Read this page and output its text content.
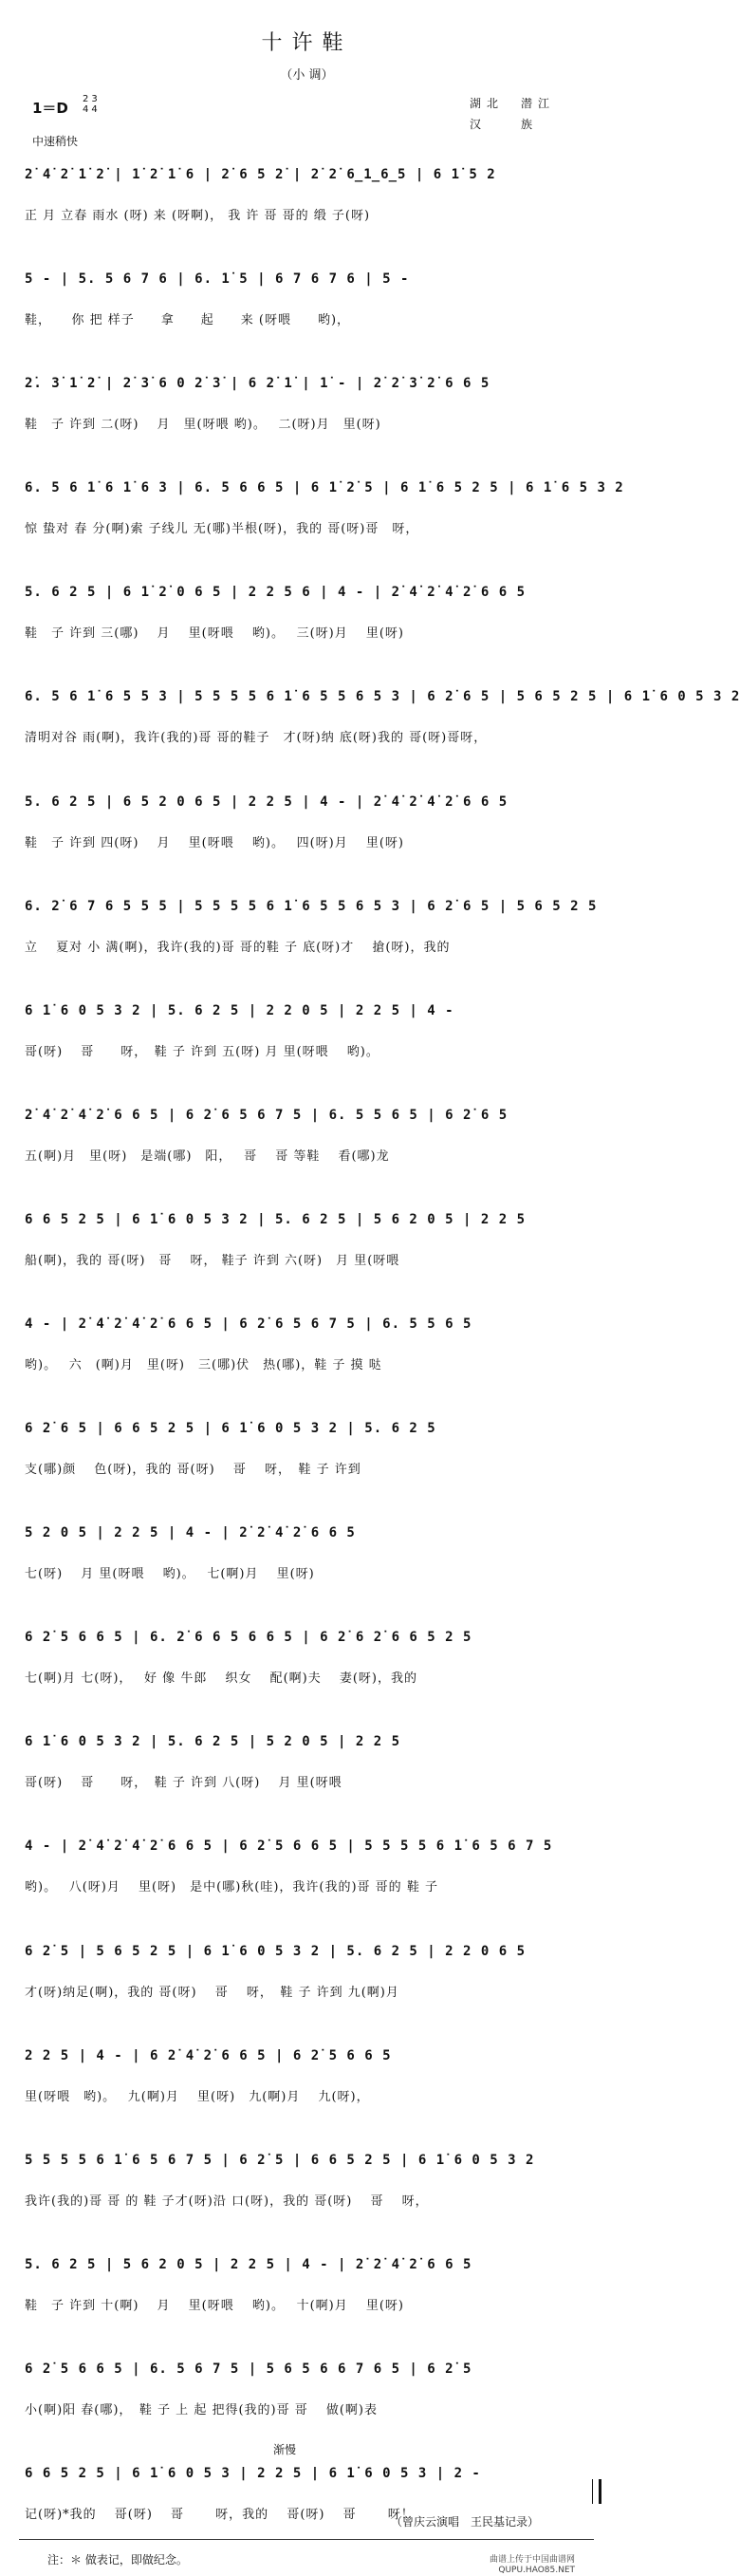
十许鞋
（小 调）
1＝D
2
43
4
中速稍快
湖北　潜江
汉　　族
2̇ 4̇ 2̇ 1̇ 2̇ | 1̇ 2̇ 1̇ 6 | 2̇ 6 5 2̇ | 2̇ 2̇ 6̲1̲6̲5 | 6 1̇ 5 2
正 月 立春 雨水 (呀) 来 (呀啊)， 我 许 哥 哥的 缎 子(呀)
5 - | 5. 5 6 7 6 | 6. 1̇ 5 | 6 7 6 7 6 | 5 -
鞋，　　你 把 样子　　拿　　起　　来 (呀喂　　哟)，
2̇. 3̇ 1̇ 2̇ | 2̇ 3̇ 6 0 2̇ 3̇ | 6 2̇ 1̇ | 1̇ - | 2̇ 2̇ 3̇ 2̇ 6 6 5
鞋　子 许到 二(呀)　 月　里(呀喂 哟)。　 二(呀)月　里(呀)
6. 5 6 1̇ 6 1̇ 6 3 | 6. 5 6 6 5 | 6 1̇ 2̇ 5 | 6 1̇ 6 5 2 5 | 6 1̇ 6 5 3 2
惊 蛰对 春 分(啊)索 子线儿 无(哪)半根(呀)，我的 哥(呀)哥　呀，
5. 6 2 5 | 6 1̇ 2̇ 0 6 5 | 2 2 5 6 | 4 - | 2̇ 4̇ 2̇ 4̇ 2̇ 6 6 5
鞋　子 许到 三(哪)　 月　 里(呀喂　 哟)。　 三(呀)月　 里(呀)
6. 5 6 1̇ 6 5 5 3 | 5 5 5 5 6 1̇ 6 5 5 6 5 3 | 6 2̇ 6 5 | 5 6 5 2 5 | 6 1̇ 6 0 5 3 2
清明对谷 雨(啊)，我许(我的)哥 哥的鞋子　才(呀)纳 底(呀)我的 哥(呀)哥呀，
5. 6 2 5 | 6 5 2 0 6 5 | 2 2 5 | 4 - | 2̇ 4̇ 2̇ 4̇ 2̇ 6 6 5
鞋　子 许到 四(呀)　 月　 里(呀喂　 哟)。　 四(呀)月　 里(呀)
6. 2̇ 6 7 6 5 5 5 | 5 5 5 5 6 1̇ 6 5 5 6 5 3 | 6 2̇ 6 5 | 5 6 5 2 5
立　 夏对 小 满(啊)，我许(我的)哥 哥的鞋 子 底(呀)才　 搶(呀)，我的
6 1̇ 6 0 5 3 2 | 5. 6 2 5 | 2 2 0 5 | 2 2 5 | 4 -
哥(呀)　 哥　　呀，　鞋 子 许到 五(呀) 月 里(呀喂　 哟)。
2̇ 4̇ 2̇ 4̇ 2̇ 6 6 5 | 6 2̇ 6 5 6 7 5 | 6. 5 5 6 5 | 6 2̇ 6 5
五(啊)月　里(呀)　是端(哪)　阳，　 哥　 哥 等鞋　 看(哪)龙
6 6 5 2 5 | 6 1̇ 6 0 5 3 2 | 5. 6 2 5 | 5 6 2 0 5 | 2 2 5
船(啊)，我的 哥(呀)　哥　 呀， 鞋子 许到 六(呀)　月 里(呀喂
4 - | 2̇ 4̇ 2̇ 4̇ 2̇ 6 6 5 | 6 2̇ 6 5 6 7 5 | 6. 5 5 6 5
哟)。　 六　(啊)月　里(呀)　三(哪)伏　热(哪)，鞋 子 摸 哒
6 2̇ 6 5 | 6 6 5 2 5 | 6 1̇ 6 0 5 3 2 | 5. 6 2 5
支(哪)颜　 色(呀)，我的 哥(呀)　 哥　 呀，　鞋 子 许到
5 2 0 5 | 2 2 5 | 4 - | 2̇ 2̇ 4̇ 2̇ 6 6 5
七(呀)　 月 里(呀喂　 哟)。　 七(啊)月　 里(呀)
6 2̇ 5 6 6 5 | 6. 2̇ 6 6 5 6 6 5 | 6 2̇ 6 2̇ 6 6 5 2 5
七(啊)月 七(呀)，　 好 像 牛郎　 织女　 配(啊)夫　 妻(呀)，我的
6 1̇ 6 0 5 3 2 | 5. 6 2 5 | 5 2 0 5 | 2 2 5
哥(呀)　 哥　　呀，　鞋 子 许到 八(呀)　 月 里(呀喂
4 - | 2̇ 4̇ 2̇ 4̇ 2̇ 6 6 5 | 6 2̇ 5 6 6 5 | 5 5 5 5 6 1̇ 6 5 6 7 5
哟)。　 八(呀)月　 里(呀)　是中(哪)秋(哇)，我许(我的)哥 哥的 鞋 子
6 2̇ 5 | 5 6 5 2 5 | 6 1̇ 6 0 5 3 2 | 5. 6 2 5 | 2 2 0 6 5
才(呀)纳足(啊)，我的 哥(呀)　 哥　 呀，　鞋 子 许到 九(啊)月
2 2 5 | 4 - | 6 2̇ 4̇ 2̇ 6 6 5 | 6 2̇ 5 6 6 5
里(呀喂　哟)。　 九(啊)月　 里(呀)　九(啊)月　 九(呀)，
5 5 5 5 6 1̇ 6 5 6 7 5 | 6 2̇ 5 | 6 6 5 2 5 | 6 1̇ 6 0 5 3 2
我许(我的)哥 哥 的 鞋 子才(呀)沿 口(呀)，我的 哥(呀)　 哥　 呀，
5. 6 2 5 | 5 6 2 0 5 | 2 2 5 | 4 - | 2̇ 2̇ 4̇ 2̇ 6 6 5
鞋　子 许到 十(啊)　 月　 里(呀喂　 哟)。　 十(啊)月　 里(呀)
6 2̇ 5 6 6 5 | 6. 5 6 7 5 | 5 6 5 6 6 7 6 5 | 6 2̇ 5
小(啊)阳 春(哪)，　鞋 子 上 起 把得(我的)哥 哥　 做(啊)表
6 6 5 2 5 | 6 1̇ 6 0 5 3 | 2 2 5 | 6 1̇ 6 0 5 3 | 2 -
记(呀)*我的　 哥(呀)　 哥　　 呀，我的　 哥(呀)　 哥　　 呀！
渐慢
（曾庆云演唱　王民基记录）
注：＊ 做表记，即做纪念。	曲谱上传于中国曲谱网
QUPU.HAO85.NET
